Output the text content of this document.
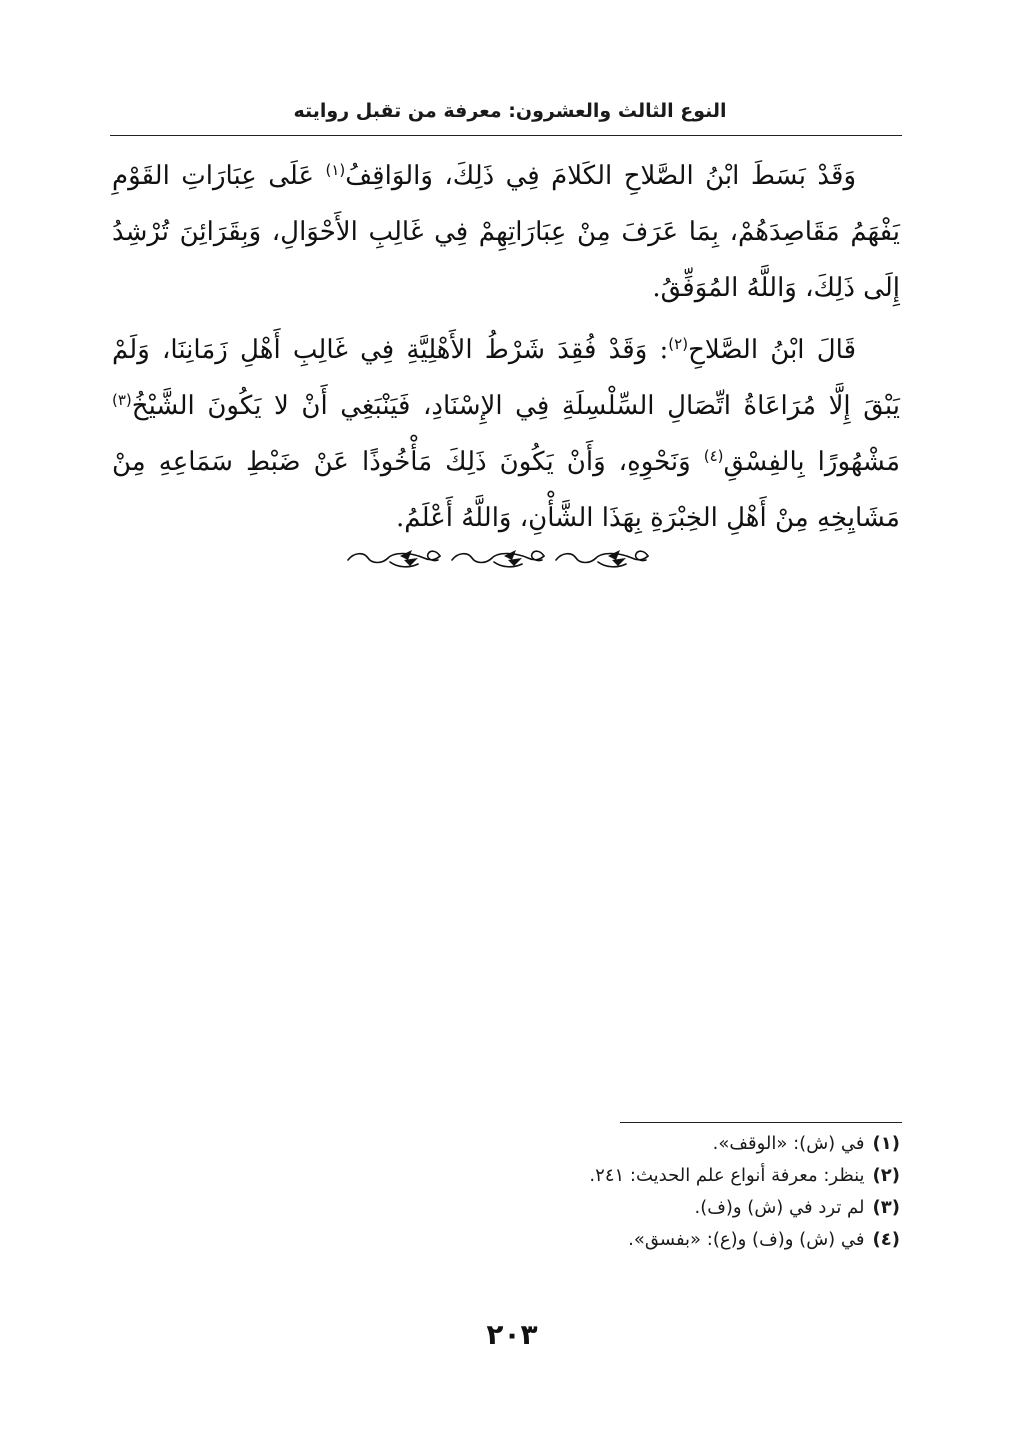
النوع الثالث والعشرون: معرفة من تقبل روايته

وَقَدْ بَسَطَ ابْنُ الصَّلاحِ الكَلامَ فِي ذَلِكَ، وَالوَاقِفُ$^{(١)}$ عَلَى عِبَارَاتِ القَوْمِ يَفْهَمُ مَقَاصِدَهُمْ، بِمَا عَرَفَ مِنْ عِبَارَاتِهِمْ فِي غَالِبِ الأَحْوَالِ، وَبِقَرَائِنَ تُرْشِدُ إِلَى ذَلِكَ، وَاللَّهُ المُوَفِّقُ.

قَالَ ابْنُ الصَّلاحِ$^{(٢)}$: وَقَدْ فُقِدَ شَرْطُ الأَهْلِيَّةِ فِي غَالِبِ أَهْلِ زَمَانِنَا، وَلَمْ يَبْقَ إِلَّا مُرَاعَاةُ اتِّصَالِ السِّلْسِلَةِ فِي الإِسْنَادِ، فَيَنْبَغِي أَنْ لا يَكُونَ الشَّيْخُ$^{(٣)}$ مَشْهُورًا بِالفِسْقِ$^{(٤)}$ وَنَحْوِهِ، وَأَنْ يَكُونَ ذَلِكَ مَأْخُوذًا عَنْ ضَبْطِ سَمَاعِهِ مِنْ مَشَايِخِهِ مِنْ أَهْلِ الخِبْرَةِ بِهَذَا الشَّأْنِ، وَاللَّهُ أَعْلَمُ.

(١)في (ش): «الوقف».
(٢)ينظر: معرفة أنواع علم الحديث: ٢٤١.
(٣)لم ترد في (ش) و(ف).
(٤)في (ش) و(ف) و(ع): «بفسق».
٢٠٣
